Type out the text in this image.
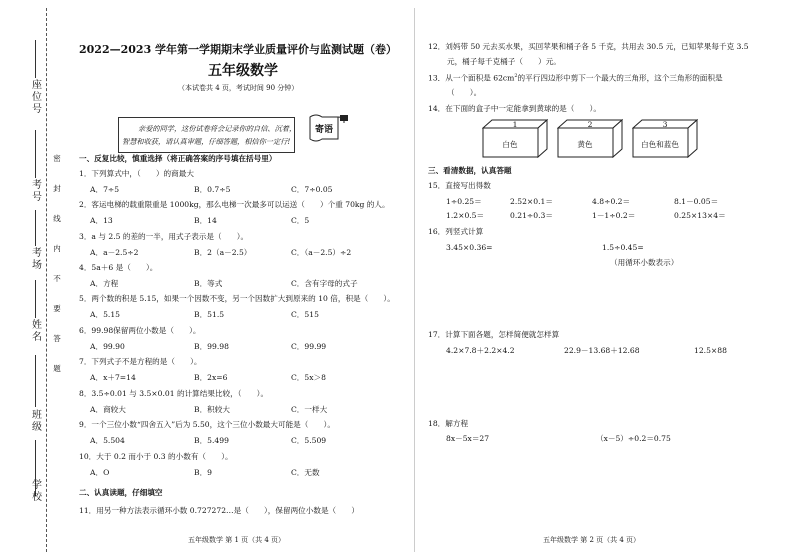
座位号
考号
考场
姓名
班级
学校
密
封
线
内
不
要
答
题
2022—2023 学年第一学期期末学业质量评价与监测试题（卷）
五年级数学
（本试卷共 4 页，考试时间 90 分钟）
亲爱的同学，这份试卷将会记录你的自信、沉着，
智慧和收获，请认真审题，仔细答题，相信你一定行!
寄语
一、反复比较，慎重选择（将正确答案的序号填在括号里）
1．下列算式中，（　　）的商最大
A．7÷5	B．0.7÷5	C．7÷0.05
2．客运电梯的载重限重是 1000kg，那么电梯一次最多可以运送（　　）个重 70kg 的人。
A．13	B．14	C．5
3．a 与 2.5 的差的一半，用式子表示是（　　）。
A．a－2.5÷2	B．2（a－2.5）	C．（a－2.5）÷2
4．5a＋6 是（　　）。
A．方程	B．等式	C．含有字母的式子
5．两个数的积是 5.15，如果一个因数不变，另一个因数扩大到原来的 10 倍，积是（　　）。
A．5.15	B．51.5	C．515
6．99.98保留两位小数是（　　）。
A．99.90	B．99.98	C．99.99
7．下列式子不是方程的是（　　）。
A．x＋7=14	B．2x=6	C．5x＞8
8．3.5÷0.01 与 3.5×0.01 的计算结果比较，（　　）。
A．商较大	B．积较大	C．一样大
9．一个三位小数“四舍五入”后为 5.50，这个三位小数最大可能是（　　）。
A．5.504	B．5.499	C．5.509
10．大于 0.2 而小于 0.3 的小数有（　　）。
A．O	B．9	C．无数
二、认真读题，仔细填空
11．用另一种方法表示循环小数 0.727272…是（　　），保留两位小数是（　　）
五年级数学 第 1 页（共 4 页）
12．刘妈带 50 元去买水果，买回苹果和桶子各 5 千克，共用去 30.5 元，已知苹果每千克 3.5
元，桶子每千克桶子（　　）元。
13．从一个面积是 $62cm^2$的平行四边形中剪下一个最大的三角形，这个三角形的面积是
（　　）。
14．在下面的盒子中一定能拿到黄球的是（　　）。
1
白色
2
黄色
3
白色和蓝色
三、看清数据，认真答题
15．直接写出得数
1÷0.25＝	2.52×0.1＝	4.8÷0.2＝	8.1－0.05＝
1.2×0.5＝	0.21÷0.3＝	1－1÷0.2＝	0.25×13×4＝
16．列竖式计算
3.45×0.36=	1.5÷0.45=
（用循环小数表示）
17．计算下面各题，怎样简便就怎样算
4.2×7.8＋2.2×4.2	22.9－13.68＋12.68	12.5×88
18．解方程
8x－5x＝27	（x－5）÷0.2＝0.75
五年级数学 第 2 页（共 4 页）
